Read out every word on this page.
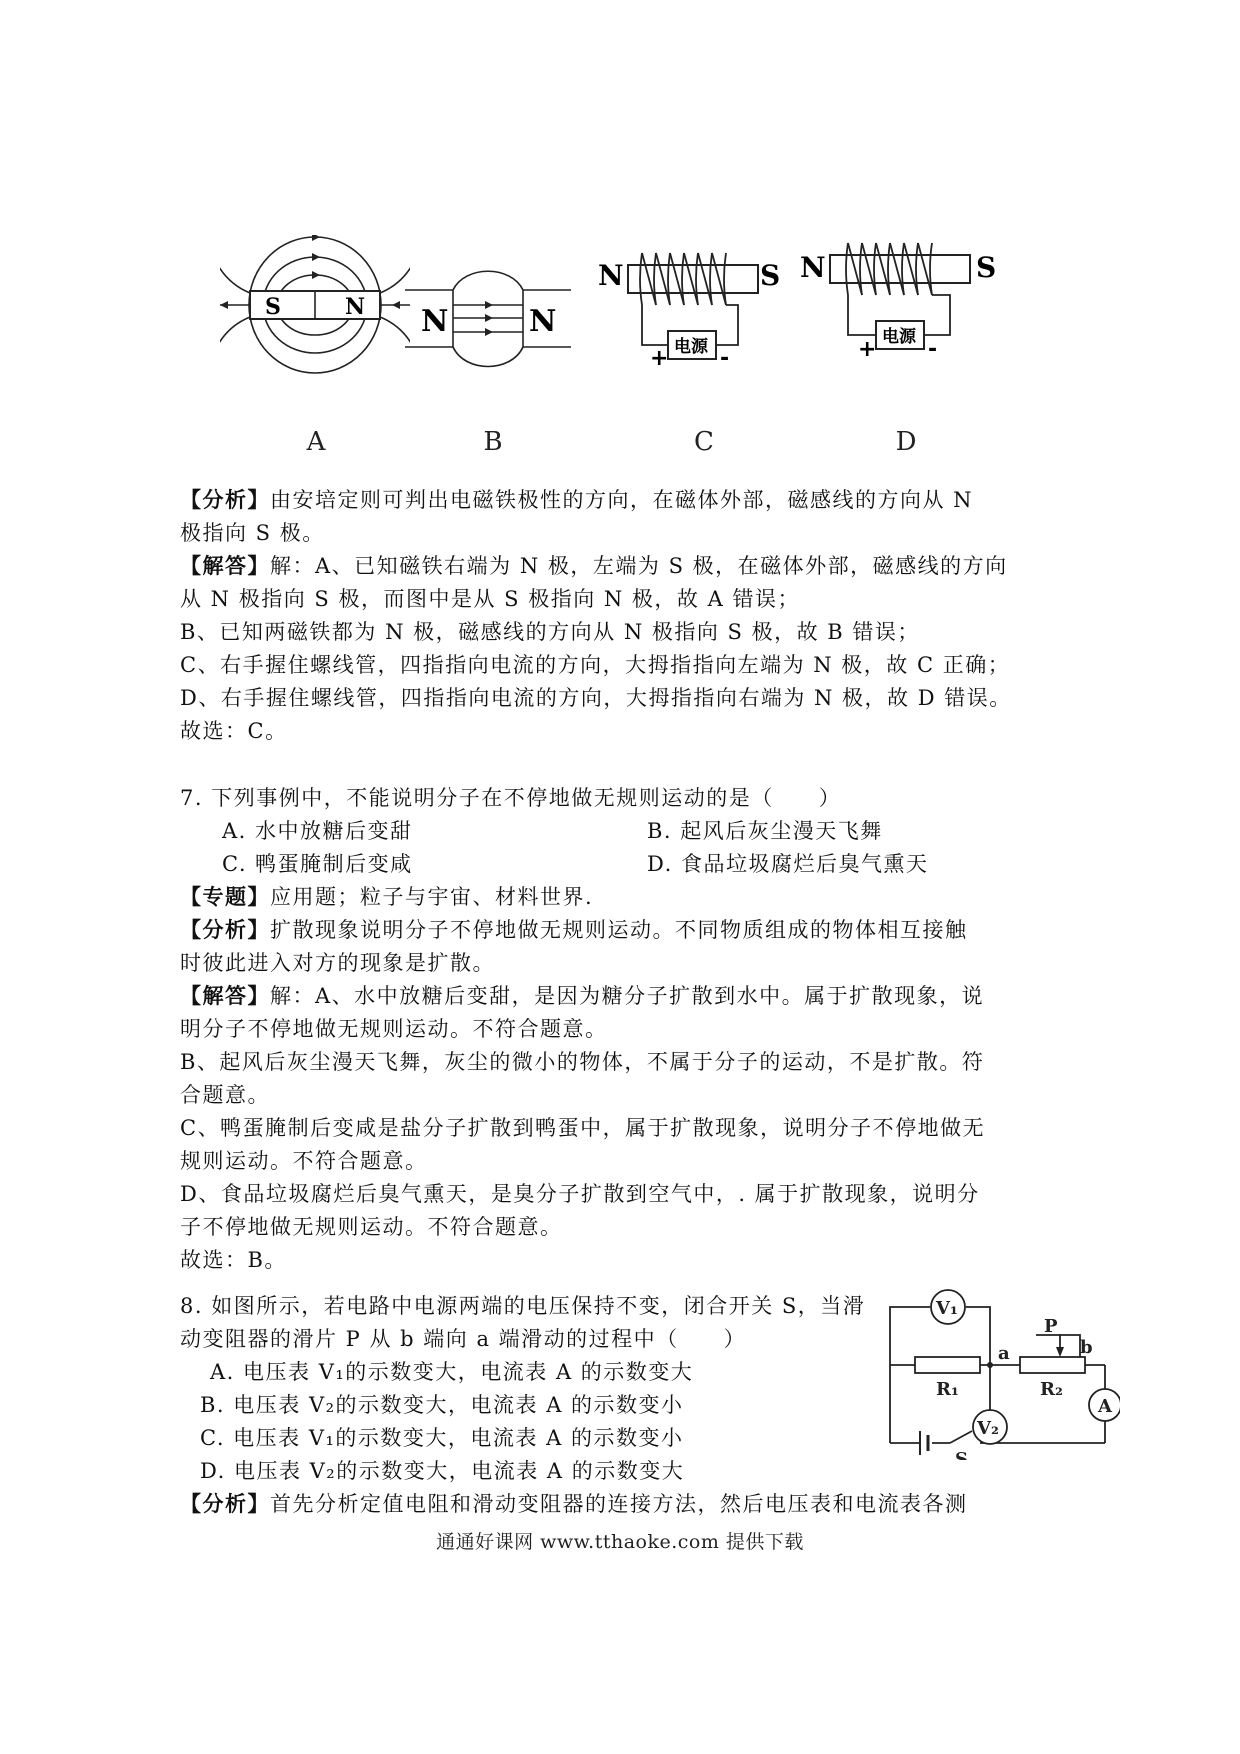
S	N
A
N	N
B
电源
+ -
N	S
C
电源
+ -
N	S
D
【分析】由安培定则可判出电磁铁极性的方向，在磁体外部，磁感线的方向从 N
极指向 S 极。
【解答】解：A、已知磁铁右端为 N 极，左端为 S 极，在磁体外部，磁感线的方向
从 N 极指向 S 极，而图中是从 S 极指向 N 极，故 A 错误；
B、已知两磁铁都为 N 极，磁感线的方向从 N 极指向 S 极，故 B 错误；
C、右手握住螺线管，四指指向电流的方向，大拇指指向左端为 N 极，故 C 正确；
D、右手握住螺线管，四指指向电流的方向，大拇指指向右端为 N 极，故 D 错误。
故选：C。
7. 下列事例中，不能说明分子在不停地做无规则运动的是（　　）
A. 水中放糖后变甜	B. 起风后灰尘漫天飞舞
C. 鸭蛋腌制后变咸	D. 食品垃圾腐烂后臭气熏天
【专题】应用题；粒子与宇宙、材料世界.
【分析】扩散现象说明分子不停地做无规则运动。不同物质组成的物体相互接触
时彼此进入对方的现象是扩散。
【解答】解：A、水中放糖后变甜，是因为糖分子扩散到水中。属于扩散现象，说
明分子不停地做无规则运动。不符合题意。
B、起风后灰尘漫天飞舞，灰尘的微小的物体，不属于分子的运动，不是扩散。符
合题意。
C、鸭蛋腌制后变咸是盐分子扩散到鸭蛋中，属于扩散现象，说明分子不停地做无
规则运动。不符合题意。
D、食品垃圾腐烂后臭气熏天，是臭分子扩散到空气中，. 属于扩散现象，说明分
子不停地做无规则运动。不符合题意。
故选：B。
8. 如图所示，若电路中电源两端的电压保持不变，闭合开关 S，当滑
动变阻器的滑片 P 从 b 端向 a 端滑动的过程中（　　）
A. 电压表 V₁的示数变大，电流表 A 的示数变大
B. 电压表 V₂的示数变大，电流表 A 的示数变小
C. 电压表 V₁的示数变大，电流表 A 的示数变小
D. 电压表 V₂的示数变大，电流表 A 的示数变大
【分析】首先分析定值电阻和滑动变阻器的连接方法，然后电压表和电流表各测
V₁
V₂
A
R₁	R₂
P
a	b
S
通通好课网 www.tthaoke.com 提供下载
